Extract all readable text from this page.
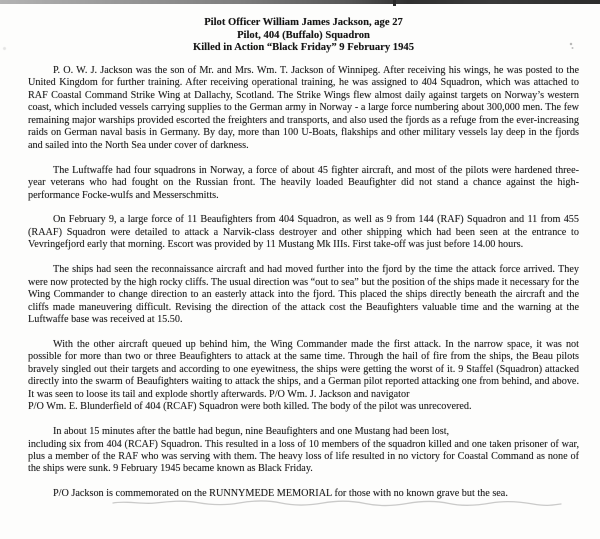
Pilot Officer William James Jackson, age 27
Pilot, 404 (Buffalo) Squadron
Killed in Action “Black Friday” 9 February 1945

P. O. W. J. Jackson was the son of Mr. and Mrs. Wm. T. Jackson of Winnipeg. After receiving his wings, he was posted to the United Kingdom for further training. After receiving operational training, he was assigned to 404 Squadron, which was attached to RAF Coastal Command Strike Wing at Dallachy, Scotland. The Strike Wings flew almost daily against targets on Norway’s western coast, which included vessels carrying supplies to the German army in Norway - a large force numbering about 300,000 men. The few remaining major warships provided escorted the freighters and transports, and also used the fjords as a refuge from the ever-increasing raids on German naval basis in Germany. By day, more than 100 U-Boats, flakships and other military vessels lay deep in the fjords and sailed into the North Sea under cover of darkness.

The Luftwaffe had four squadrons in Norway, a force of about 45 fighter aircraft, and most of the pilots were hardened three-year veterans who had fought on the Russian front. The heavily loaded Beaufighter did not stand a chance against the high-performance Focke-wulfs and Messerschmitts.

On February 9, a large force of 11 Beaufighters from 404 Squadron, as well as 9 from 144 (RAF) Squadron and 11 from 455 (RAAF) Squadron were detailed to attack a Narvik-class destroyer and other shipping which had been seen at the entrance to Vevringefjord early that morning. Escort was provided by 11 Mustang Mk IIIs. First take-off was just before 14.00 hours.

The ships had seen the reconnaissance aircraft and had moved further into the fjord by the time the attack force arrived. They were now protected by the high rocky cliffs. The usual direction was “out to sea” but the position of the ships made it necessary for the Wing Commander to change direction to an easterly attack into the fjord. This placed the ships directly beneath the aircraft and the cliffs made maneuvering difficult. Revising the direction of the attack cost the Beaufighters valuable time and the warning at the Luftwaffe base was received at 15.50.

With the other aircraft queued up behind him, the Wing Commander made the first attack. In the narrow space, it was not possible for more than two or three Beaufighters to attack at the same time. Through the hail of fire from the ships, the Beau pilots bravely singled out their targets and according to one eyewitness, the ships were getting the worst of it. 9 Staffel (Squadron) attacked directly into the swarm of Beaufighters waiting to attack the ships, and a German pilot reported attacking one from behind, and above. It was seen to loose its tail and explode shortly afterwards. P/O Wm. J. Jackson and navigator
P/O Wm. E. Blunderfield of 404 (RCAF) Squadron were both killed. The body of the pilot was unrecovered.

In about 15 minutes after the battle had begun, nine Beaufighters and one Mustang had been lost,
including six from 404 (RCAF) Squadron. This resulted in a loss of 10 members of the squadron killed and one taken prisoner of war, plus a member of the RAF who was serving with them. The heavy loss of life resulted in no victory for Coastal Command as none of the ships were sunk. 9 February 1945 became known as Black Friday.

P/O Jackson is commemorated on the RUNNYMEDE MEMORIAL for those with no known grave but the sea.
